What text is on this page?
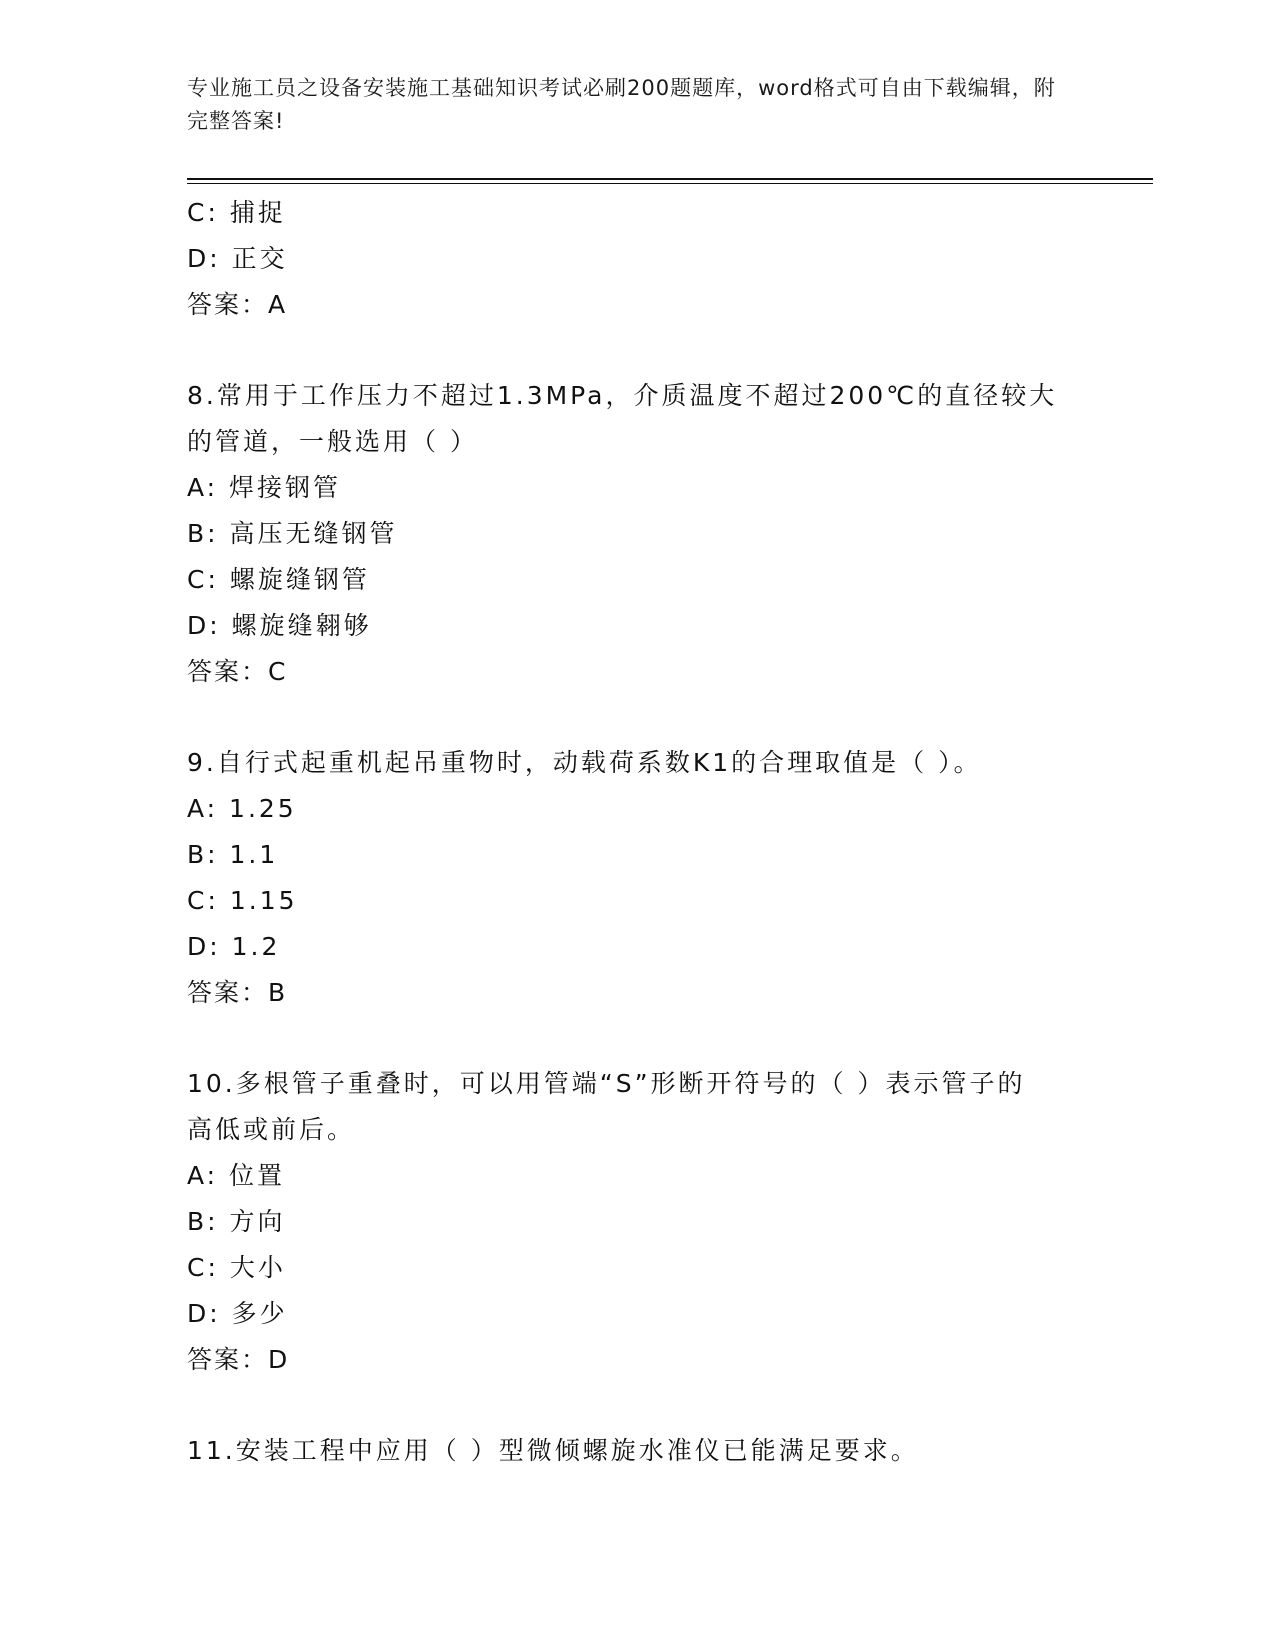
专业施工员之设备安装施工基础知识考试必刷200题题库，word格式可自由下载编辑，附完整答案!
C: 捕捉
D: 正交
答案：A
8.常用于工作压力不超过1.3MPa，介质温度不超过200℃的直径较大
的管道，一般选用（ ）
A: 焊接钢管
B: 高压无缝钢管
C: 螺旋缝钢管
D: 螺旋缝翱够
答案：C
9.自行式起重机起吊重物时，动载荷系数K1的合理取值是（ ）。
A: 1.25
B: 1.1
C: 1.15
D: 1.2
答案：B
10.多根管子重叠时，可以用管端“S”形断开符号的（ ）表示管子的
高低或前后。
A: 位置
B: 方向
C: 大小
D: 多少
答案：D
11.安装工程中应用（ ）型微倾螺旋水准仪已能满足要求。
